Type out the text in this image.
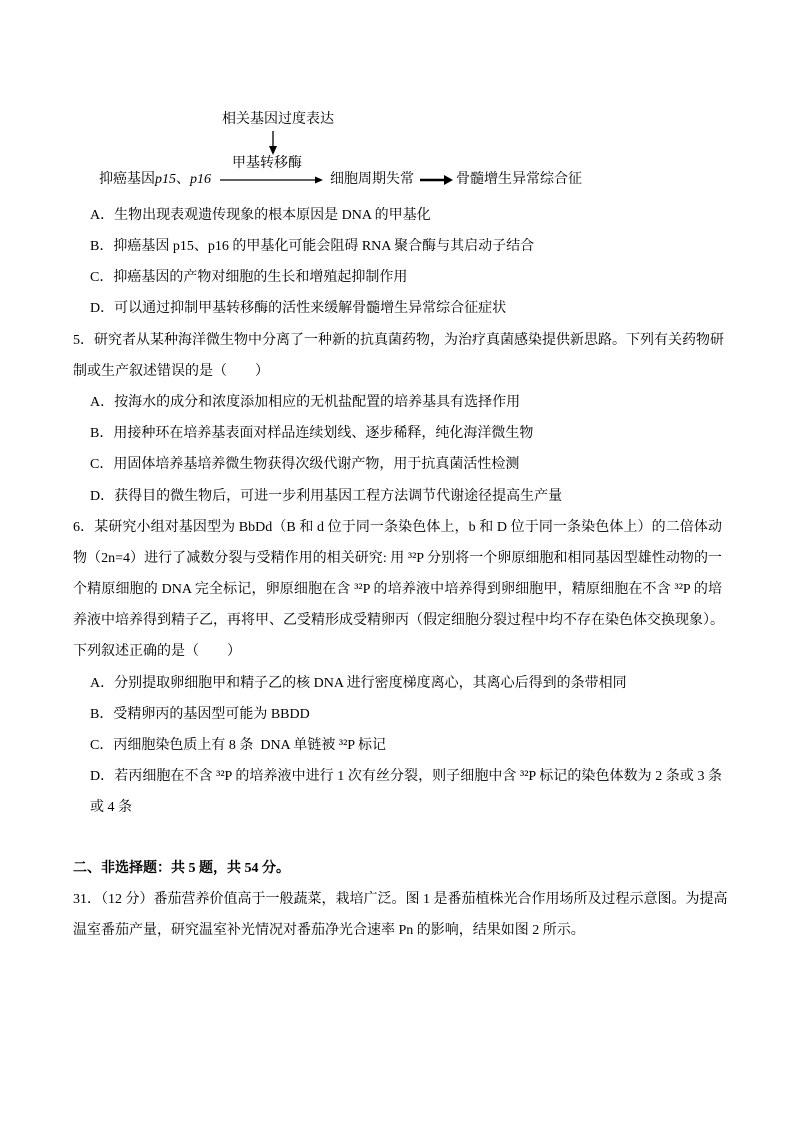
相关基因过度表达
甲基转移酶
抑癌基因p15、p16	细胞周期失常	骨髓增生异常综合征
A．生物出现表观遗传现象的根本原因是 DNA 的甲基化
B．抑癌基因 p15、p16 的甲基化可能会阻碍 RNA 聚合酶与其启动子结合
C．抑癌基因的产物对细胞的生长和增殖起抑制作用
D．可以通过抑制甲基转移酶的活性来缓解骨髓增生异常综合征症状
5．研究者从某种海洋微生物中分离了一种新的抗真菌药物，为治疗真菌感染提供新思路。下列有关药物研
制或生产叙述错误的是（　　）
A．按海水的成分和浓度添加相应的无机盐配置的培养基具有选择作用
B．用接种环在培养基表面对样品连续划线、逐步稀释，纯化海洋微生物
C．用固体培养基培养微生物获得次级代谢产物，用于抗真菌活性检测
D．获得目的微生物后，可进一步利用基因工程方法调节代谢途径提高生产量
6．某研究小组对基因型为 BbDd（B 和 d 位于同一条染色体上，b 和 D 位于同一条染色体上）的二倍体动
物（2n=4）进行了减数分裂与受精作用的相关研究: 用 ³²P 分别将一个卵原细胞和相同基因型雄性动物的一
个精原细胞的 DNA 完全标记，卵原细胞在含 ³²P 的培养液中培养得到卵细胞甲，精原细胞在不含 ³²P 的培
养液中培养得到精子乙，再将甲、乙受精形成受精卵丙（假定细胞分裂过程中均不存在染色体交换现象）。
下列叙述正确的是（　　）
A．分别提取卵细胞甲和精子乙的核 DNA 进行密度梯度离心，其离心后得到的条带相同
B．受精卵丙的基因型可能为 BBDD
C．丙细胞染色质上有 8 条  DNA 单链被 ³²P 标记
D．若丙细胞在不含 ³²P 的培养液中进行 1 次有丝分裂，则子细胞中含 ³²P 标记的染色体数为 2 条或 3 条
或 4 条
二、非选择题：共 5 题，共 54 分。
31．（12 分）番茄营养价值高于一般蔬菜，栽培广泛。图 1 是番茄植株光合作用场所及过程示意图。为提高
温室番茄产量，研究温室补光情况对番茄净光合速率 Pn 的影响，结果如图 2 所示。
